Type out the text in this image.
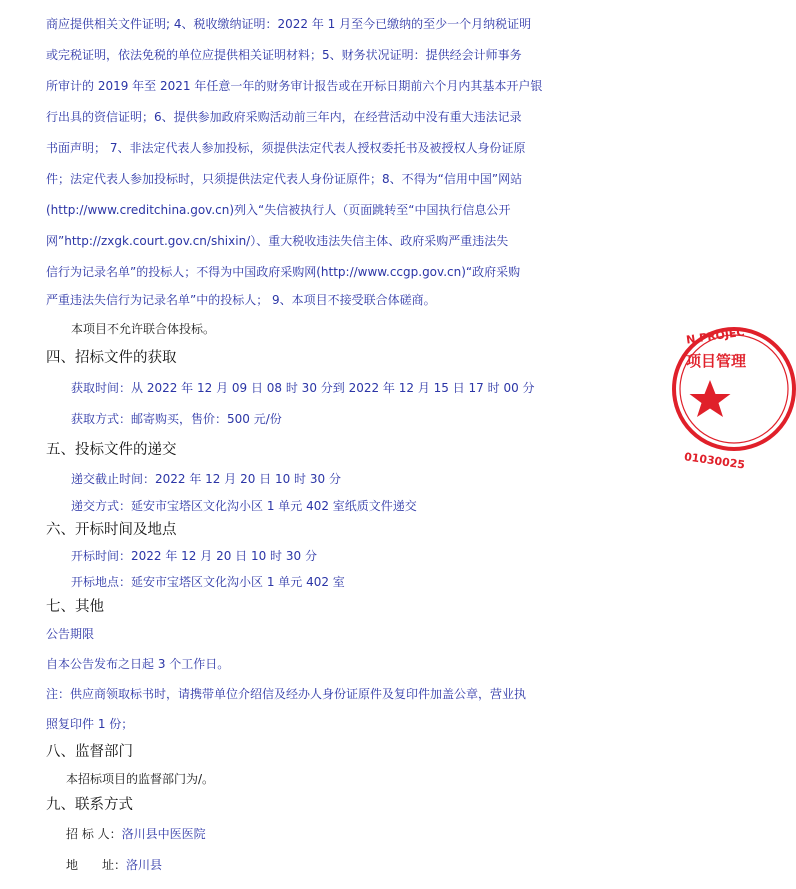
商应提供相关文件证明; 4、税收缴纳证明：2022 年 1 月至今已缴纳的至少一个月纳税证明
或完税证明，依法免税的单位应提供相关证明材料；5、财务状况证明：提供经会计师事务
所审计的 2019 年至 2021 年任意一年的财务审计报告或在开标日期前六个月内其基本开户银
行出具的资信证明；6、提供参加政府采购活动前三年内，在经营活动中没有重大违法记录
书面声明； 7、非法定代表人参加投标，须提供法定代表人授权委托书及被授权人身份证原
件；法定代表人参加投标时，只须提供法定代表人身份证原件；8、不得为“信用中国”网站
(http://www.creditchina.gov.cn)列入“失信被执行人（页面跳转至“中国执行信息公开
网”http://zxgk.court.gov.cn/shixin/）、重大税收违法失信主体、政府采购严重违法失
信行为记录名单”的投标人；不得为中国政府采购网(http://www.ccgp.gov.cn)“政府采购
严重违法失信行为记录名单”中的投标人； 9、本项目不接受联合体磋商。
本项目不允许联合体投标。
四、招标文件的获取
获取时间：从 2022 年 12 月 09 日 08 时 30 分到 2022 年 12 月 15 日 17 时 00 分
获取方式：邮寄购买，售价：500 元/份
五、投标文件的递交
递交截止时间：2022 年 12 月 20 日 10 时 30 分
递交方式：延安市宝塔区文化沟小区 1 单元 402 室纸质文件递交
六、开标时间及地点
开标时间：2022 年 12 月 20 日 10 时 30 分
开标地点：延安市宝塔区文化沟小区 1 单元 402 室
七、其他
公告期限
自本公告发布之日起 3 个工作日。
注：供应商领取标书时，请携带单位介绍信及经办人身份证原件及复印件加盖公章，营业执
照复印件 1 份；
八、监督部门
本招标项目的监督部门为/。
九、联系方式
招 标 人：洛川县中医医院
地　　址：洛川县
N PROJEC
项目管理
01030025
